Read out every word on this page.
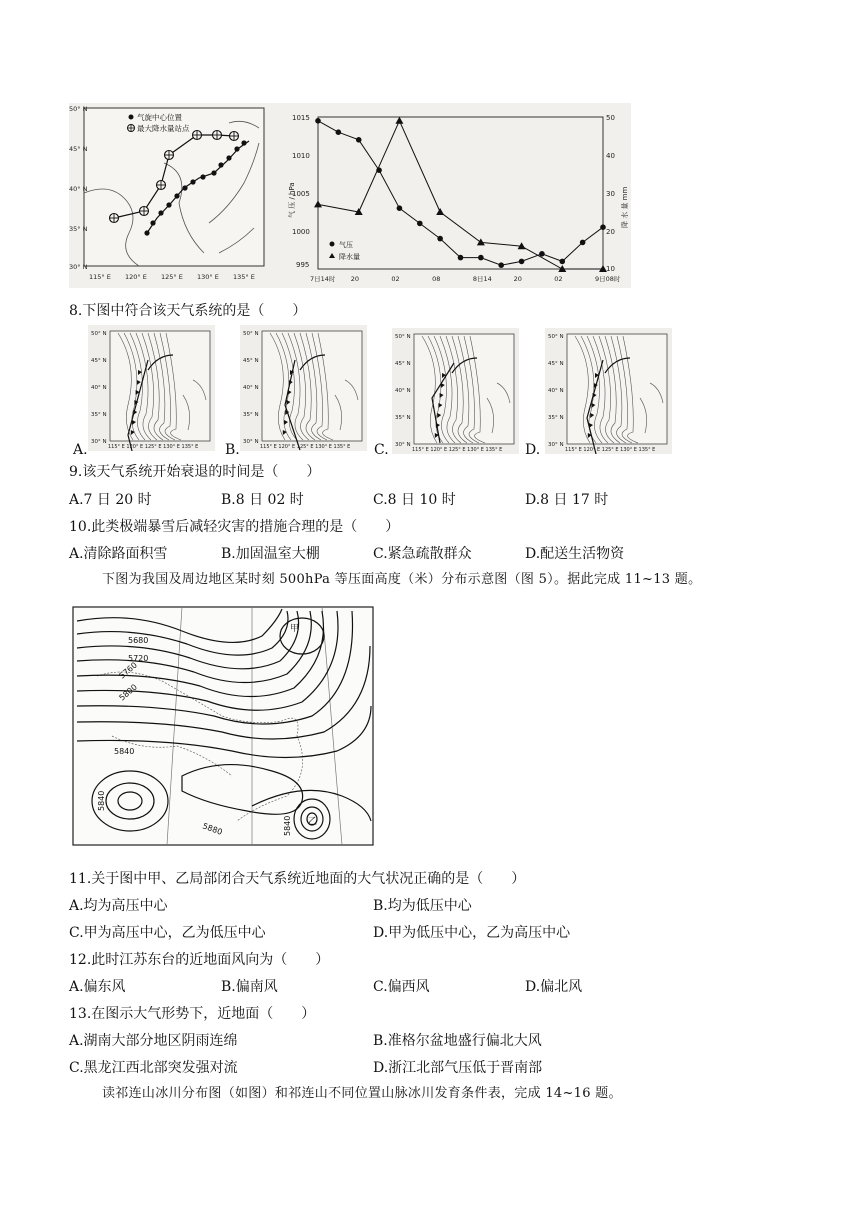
气旋中心位置
最大降水量站点
50° N
45° N
40° N
35° N
30° N
115° E 120° E 125° E 130° E 135° E
1015
1010
1005
1000
995
50
40
30
20
10
气 压 / hPa	降 水 量 mm
7日14时 20	02	08	8日14	20	02	9日08时
气压
降水量
8.下图中符合该天气系统的是（　　）
50° N
45° N
40° N
35° N
30° N
115° E 120° E 125° E 130° E 135° E
50° N
45° N
40° N
35° N
30° N
115° E 120° E 125° E 130° E 135° E
50° N
45° N
40° N
35° N
30° N
115° E 120° E 125° E 130° E 135° E
50° N
45° N
40° N
35° N
30° N
115° E 120° E 125° E 130° E 135° E
A.	B.	C.	D.
9.该天气系统开始衰退的时间是（　　）
A.7 日 20 时	B.8 日 02 时	C.8 日 10 时	D.8 日 17 时
10.此类极端暴雪后减轻灾害的措施合理的是（　　）
A.清除路面积雪	B.加固温室大棚	C.紧急疏散群众	D.配送生活物资
下图为我国及周边地区某时刻 500hPa 等压面高度（米）分布示意图（图 5）。据此完成 11~13 题。
甲
乙
5680
5720
5760
5800
5840
5840
5880	5840
11.关于图中甲、乙局部闭合天气系统近地面的大气状况正确的是（　　）
A.均为高压中心	B.均为低压中心
C.甲为高压中心，乙为低压中心	D.甲为低压中心，乙为高压中心
12.此时江苏东台的近地面风向为（　　）
A.偏东风	B.偏南风	C.偏西风	D.偏北风
13.在图示大气形势下，近地面（　　）
A.湖南大部分地区阴雨连绵	B.准格尔盆地盛行偏北大风
C.黑龙江西北部突发强对流	D.浙江北部气压低于晋南部
读祁连山冰川分布图（如图）和祁连山不同位置山脉冰川发育条件表，完成 14~16 题。
